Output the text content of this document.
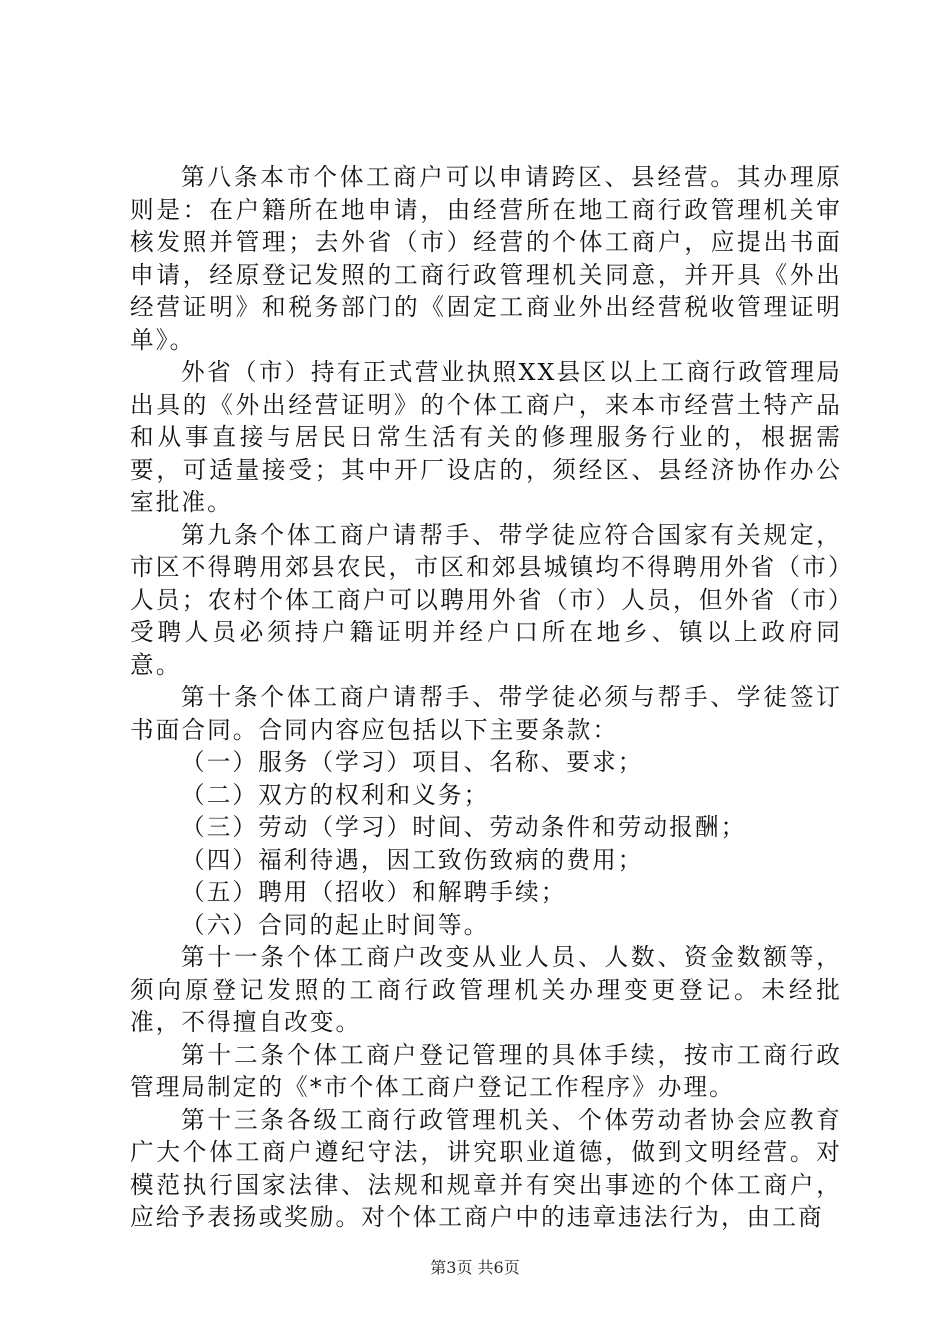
第八条本市个体工商户可以申请跨区、县经营。其办理原则是：在户籍所在地申请，由经营所在地工商行政管理机关审核发照并管理；去外省（市）经营的个体工商户，应提出书面申请，经原登记发照的工商行政管理机关同意，并开具《外出经营证明》和税务部门的《固定工商业外出经营税收管理证明单》。

外省（市）持有正式营业执照XX县区以上工商行政管理局出具的《外出经营证明》的个体工商户，来本市经营土特产品和从事直接与居民日常生活有关的修理服务行业的，根据需要，可适量接受；其中开厂设店的，须经区、县经济协作办公室批准。

第九条个体工商户请帮手、带学徒应符合国家有关规定，市区不得聘用郊县农民，市区和郊县城镇均不得聘用外省（市）人员；农村个体工商户可以聘用外省（市）人员，但外省（市）受聘人员必须持户籍证明并经户口所在地乡、镇以上政府同意。

第十条个体工商户请帮手、带学徒必须与帮手、学徒签订书面合同。合同内容应包括以下主要条款：

（一）服务（学习）项目、名称、要求；

（二）双方的权利和义务；

（三）劳动（学习）时间、劳动条件和劳动报酬；

（四）福利待遇，因工致伤致病的费用；

（五）聘用（招收）和解聘手续；

（六）合同的起止时间等。

第十一条个体工商户改变从业人员、人数、资金数额等，须向原登记发照的工商行政管理机关办理变更登记。未经批准，不得擅自改变。

第十二条个体工商户登记管理的具体手续，按市工商行政管理局制定的《*市个体工商户登记工作程序》办理。

第十三条各级工商行政管理机关、个体劳动者协会应教育广大个体工商户遵纪守法，讲究职业道德，做到文明经营。对模范执行国家法律、法规和规章并有突出事迹的个体工商户，应给予表扬或奖励。对个体工商户中的违章违法行为，由工商

第3页 共6页
